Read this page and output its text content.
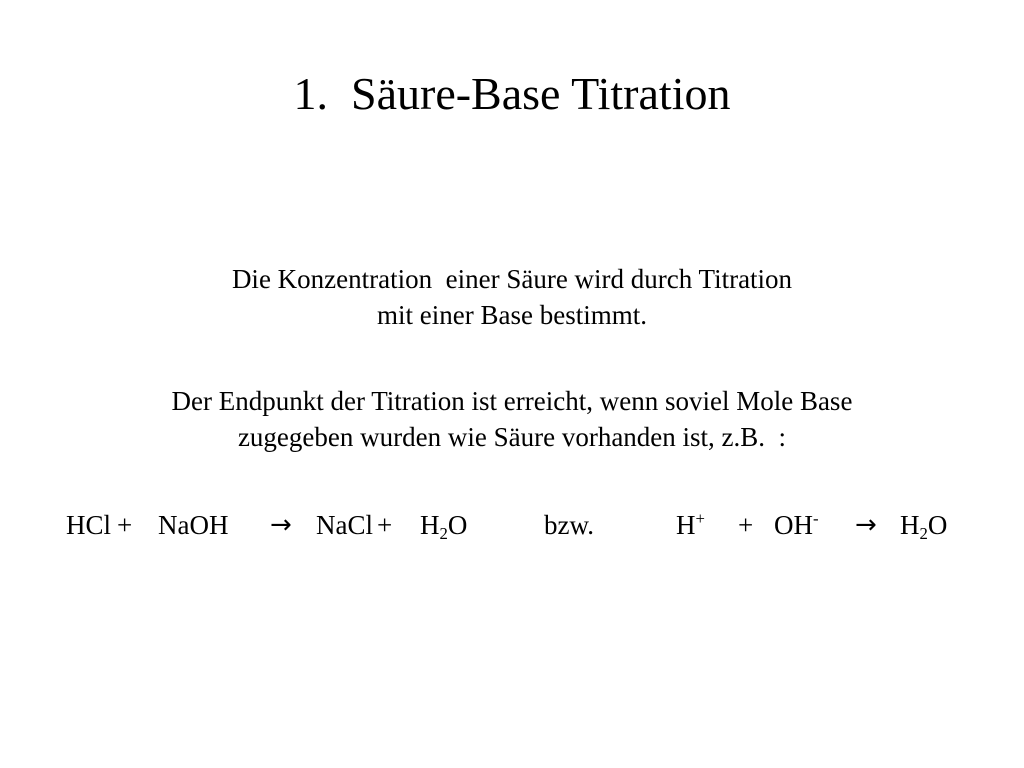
1.  Säure-Base Titration
Die Konzentration  einer Säure wird durch Titration
mit einer Base bestimmt.
Der Endpunkt der Titration ist erreicht, wenn soviel Mole Base
zugegeben wurden wie Säure vorhanden ist, z.B.  :
HCl + NaOH → NaCl + $H_2O$	bzw.	$H^+ + OH^- \to H_2O$
